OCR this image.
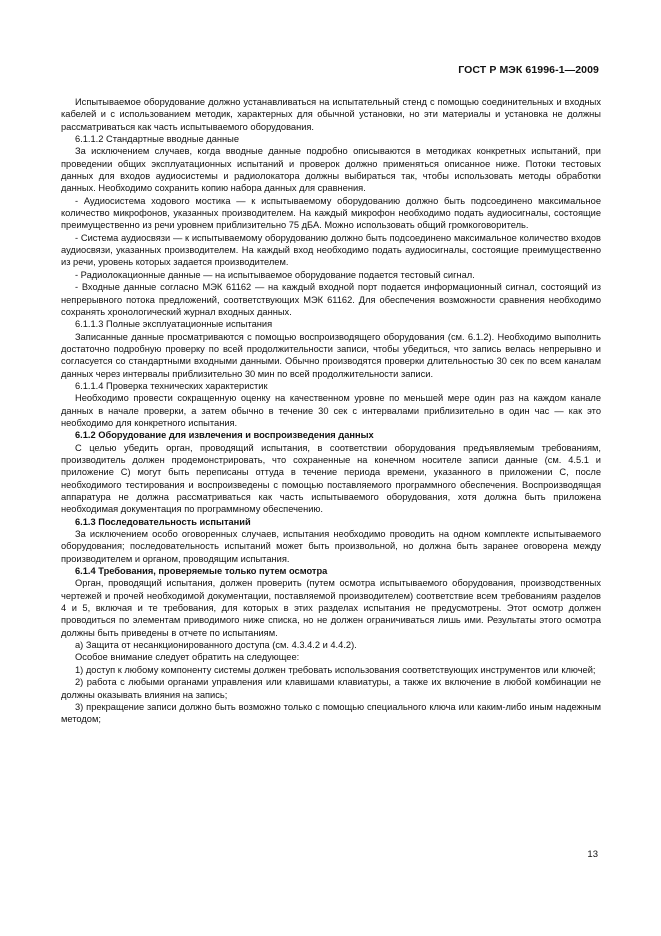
ГОСТ Р МЭК 61996-1—2009

Испытываемое оборудование должно устанавливаться на испытательный стенд с помощью соединительных и входных кабелей и с использованием методик, характерных для обычной установки, но эти материалы и установка не должны рассматриваться как часть испытываемого оборудования.

6.1.1.2 Стандартные вводные данные

За исключением случаев, когда вводные данные подробно описываются в методиках конкретных испытаний, при проведении общих эксплуатационных испытаний и проверок должно применяться описанное ниже. Потоки тестовых данных для входов аудиосистемы и радиолокатора должны выбираться так, чтобы использовать методы обработки данных. Необходимо сохранить копию набора данных для сравнения.

- Аудиосистема ходового мостика — к испытываемому оборудованию должно быть подсоединено максимальное количество микрофонов, указанных производителем. На каждый микрофон необходимо подать аудиосигналы, состоящие преимущественно из речи уровнем приблизительно 75 дБА. Можно использовать общий громкоговоритель.

- Система аудиосвязи — к испытываемому оборудованию должно быть подсоединено максимальное количество входов аудиосвязи, указанных производителем. На каждый вход необходимо подать аудиосигналы, состоящие преимущественно из речи, уровень которых задается производителем.

- Радиолокационные данные — на испытываемое оборудование подается тестовый сигнал.

- Входные данные согласно МЭК 61162 — на каждый входной порт подается информационный сигнал, состоящий из непрерывного потока предложений, соответствующих МЭК 61162. Для обеспечения возможности сравнения необходимо сохранять хронологический журнал входных данных.

6.1.1.3 Полные эксплуатационные испытания

Записанные данные просматриваются с помощью воспроизводящего оборудования (см. 6.1.2). Необходимо выполнить достаточно подробную проверку по всей продолжительности записи, чтобы убедиться, что запись велась непрерывно и согласуется со стандартными входными данными. Обычно производятся проверки длительностью 30 сек по всем каналам данных через интервалы приблизительно 30 мин по всей продолжительности записи.

6.1.1.4 Проверка технических характеристик

Необходимо провести сокращенную оценку на качественном уровне по меньшей мере один раз на каждом канале данных в начале проверки, а затем обычно в течение 30 сек с интервалами приблизительно в один час — как это необходимо для конкретного испытания.

6.1.2 Оборудование для извлечения и воспроизведения данных

С целью убедить орган, проводящий испытания, в соответствии оборудования предъявляемым требованиям, производитель должен продемонстрировать, что сохраненные на конечном носителе записи данные (см. 4.5.1 и приложение С) могут быть переписаны оттуда в течение периода времени, указанного в приложении С, после необходимого тестирования и воспроизведены с помощью поставляемого программного обеспечения. Воспроизводящая аппаратура не должна рассматриваться как часть испытываемого оборудования, хотя должна быть приложена необходимая документация по программному обеспечению.

6.1.3 Последовательность испытаний

За исключением особо оговоренных случаев, испытания необходимо проводить на одном комплекте испытываемого оборудования; последовательность испытаний может быть произвольной, но должна быть заранее оговорена между производителем и органом, проводящим испытания.

6.1.4 Требования, проверяемые только путем осмотра

Орган, проводящий испытания, должен проверить (путем осмотра испытываемого оборудования, производственных чертежей и прочей необходимой документации, поставляемой производителем) соответствие всем требованиям разделов 4 и 5, включая и те требования, для которых в этих разделах испытания не предусмотрены. Этот осмотр должен проводиться по элементам приводимого ниже списка, но не должен ограничиваться лишь ими. Результаты этого осмотра должны быть приведены в отчете по испытаниям.

а) Защита от несанкционированного доступа (см. 4.3.4.2 и 4.4.2).

Особое внимание следует обратить на следующее:

1) доступ к любому компоненту системы должен требовать использования соответствующих инструментов или ключей;

2) работа с любыми органами управления или клавишами клавиатуры, а также их включение в любой комбинации не должны оказывать влияния на запись;

3) прекращение записи должно быть возможно только с помощью специального ключа или каким-либо иным надежным методом;

13
